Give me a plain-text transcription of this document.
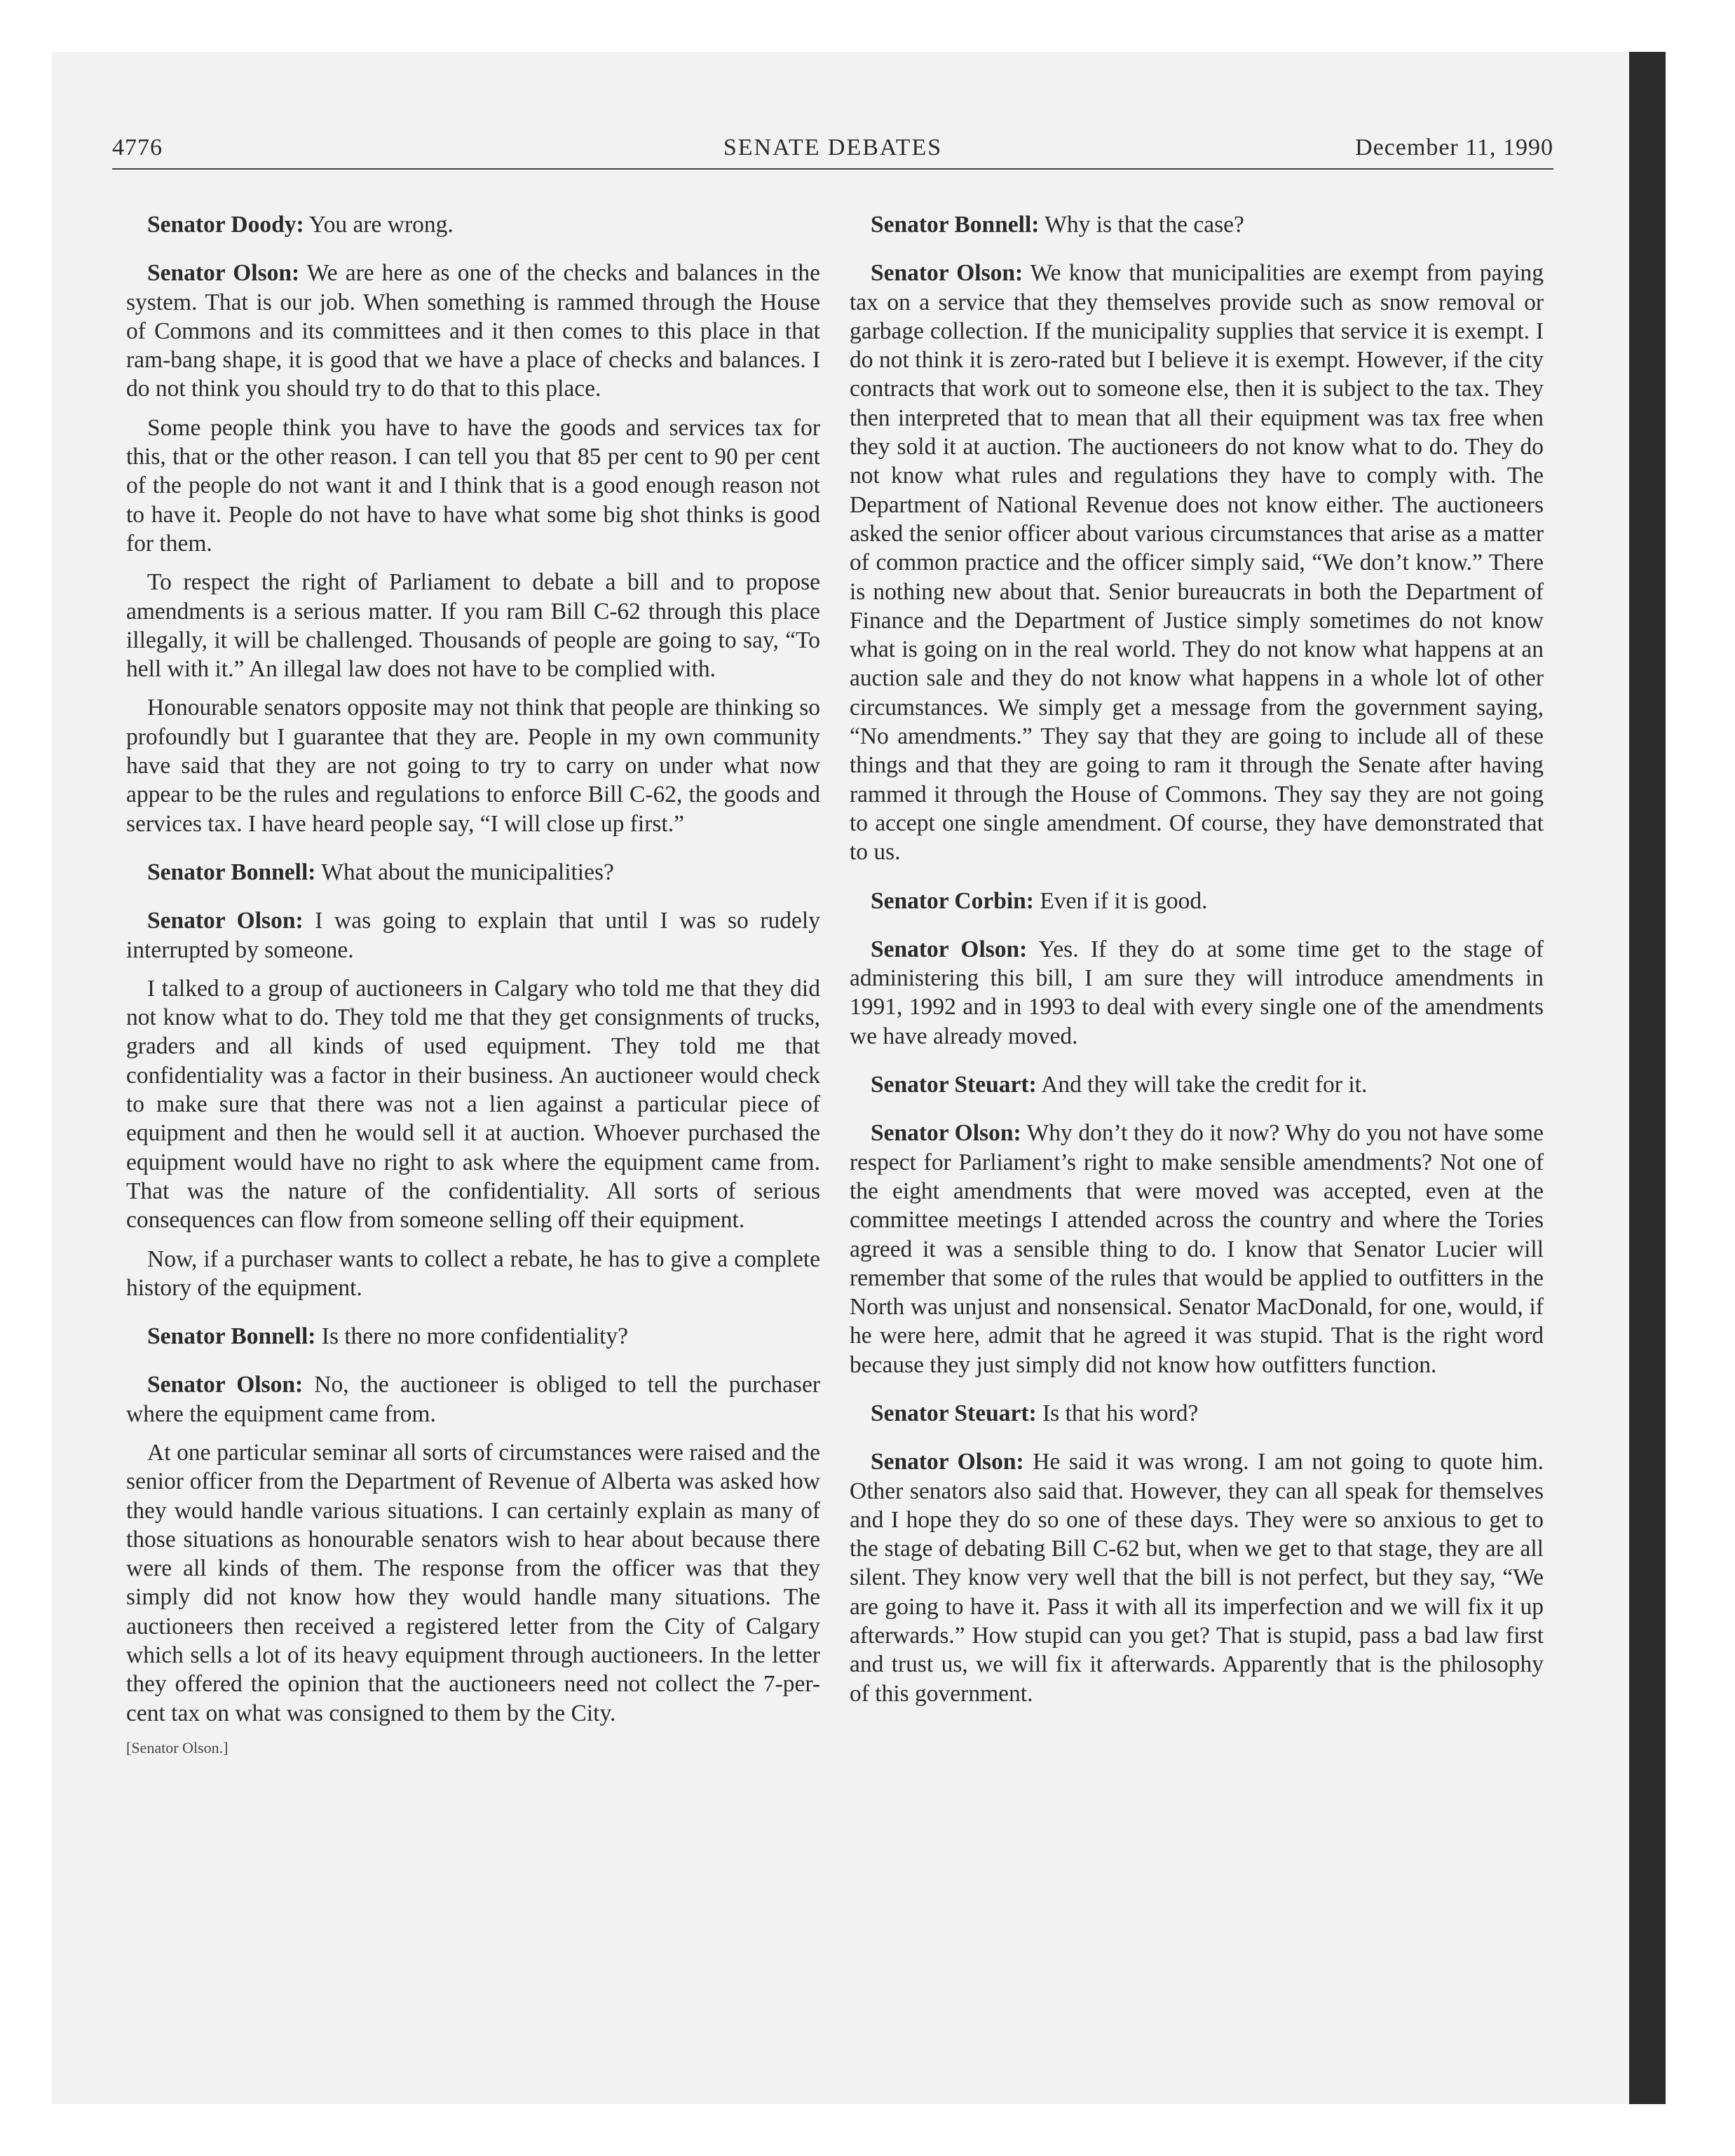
4776	SENATE DEBATES	December 11, 1990

Senator Doody: You are wrong.

Senator Olson: We are here as one of the checks and balances in the system. That is our job. When something is rammed through the House of Commons and its committees and it then comes to this place in that ram-bang shape, it is good that we have a place of checks and balances. I do not think you should try to do that to this place.

Some people think you have to have the goods and services tax for this, that or the other reason. I can tell you that 85 per cent to 90 per cent of the people do not want it and I think that is a good enough reason not to have it. People do not have to have what some big shot thinks is good for them.

To respect the right of Parliament to debate a bill and to propose amendments is a serious matter. If you ram Bill C-62 through this place illegally, it will be challenged. Thousands of people are going to say, “To hell with it.” An illegal law does not have to be complied with.

Honourable senators opposite may not think that people are thinking so profoundly but I guarantee that they are. People in my own community have said that they are not going to try to carry on under what now appear to be the rules and regulations to enforce Bill C-62, the goods and services tax. I have heard people say, “I will close up first.”

Senator Bonnell: What about the municipalities?

Senator Olson: I was going to explain that until I was so rudely interrupted by someone.

I talked to a group of auctioneers in Calgary who told me that they did not know what to do. They told me that they get consignments of trucks, graders and all kinds of used equipment. They told me that confidentiality was a factor in their business. An auctioneer would check to make sure that there was not a lien against a particular piece of equipment and then he would sell it at auction. Whoever purchased the equipment would have no right to ask where the equipment came from. That was the nature of the confidentiality. All sorts of serious consequences can flow from someone selling off their equipment.

Now, if a purchaser wants to collect a rebate, he has to give a complete history of the equipment.

Senator Bonnell: Is there no more confidentiality?

Senator Olson: No, the auctioneer is obliged to tell the purchaser where the equipment came from.

At one particular seminar all sorts of circumstances were raised and the senior officer from the Department of Revenue of Alberta was asked how they would handle various situations. I can certainly explain as many of those situations as honourable senators wish to hear about because there were all kinds of them. The response from the officer was that they simply did not know how they would handle many situations. The auctioneers then received a registered letter from the City of Calgary which sells a lot of its heavy equipment through auctioneers. In the letter they offered the opinion that the auctioneers need not collect the 7-per-cent tax on what was consigned to them by the City.

[Senator Olson.]

Senator Bonnell: Why is that the case?

Senator Olson: We know that municipalities are exempt from paying tax on a service that they themselves provide such as snow removal or garbage collection. If the municipality supplies that service it is exempt. I do not think it is zero-rated but I believe it is exempt. However, if the city contracts that work out to someone else, then it is subject to the tax. They then interpreted that to mean that all their equipment was tax free when they sold it at auction. The auctioneers do not know what to do. They do not know what rules and regulations they have to comply with. The Department of National Revenue does not know either. The auctioneers asked the senior officer about various circumstances that arise as a matter of common practice and the officer simply said, “We don’t know.” There is nothing new about that. Senior bureaucrats in both the Department of Finance and the Department of Justice simply sometimes do not know what is going on in the real world. They do not know what happens at an auction sale and they do not know what happens in a whole lot of other circumstances. We simply get a message from the government saying, “No amendments.” They say that they are going to include all of these things and that they are going to ram it through the Senate after having rammed it through the House of Commons. They say they are not going to accept one single amendment. Of course, they have demonstrated that to us.

Senator Corbin: Even if it is good.

Senator Olson: Yes. If they do at some time get to the stage of administering this bill, I am sure they will introduce amendments in 1991, 1992 and in 1993 to deal with every single one of the amendments we have already moved.

Senator Steuart: And they will take the credit for it.

Senator Olson: Why don’t they do it now? Why do you not have some respect for Parliament’s right to make sensible amendments? Not one of the eight amendments that were moved was accepted, even at the committee meetings I attended across the country and where the Tories agreed it was a sensible thing to do. I know that Senator Lucier will remember that some of the rules that would be applied to outfitters in the North was unjust and nonsensical. Senator MacDonald, for one, would, if he were here, admit that he agreed it was stupid. That is the right word because they just simply did not know how outfitters function.

Senator Steuart: Is that his word?

Senator Olson: He said it was wrong. I am not going to quote him. Other senators also said that. However, they can all speak for themselves and I hope they do so one of these days. They were so anxious to get to the stage of debating Bill C-62 but, when we get to that stage, they are all silent. They know very well that the bill is not perfect, but they say, “We are going to have it. Pass it with all its imperfection and we will fix it up afterwards.” How stupid can you get? That is stupid, pass a bad law first and trust us, we will fix it afterwards. Apparently that is the philosophy of this government.
